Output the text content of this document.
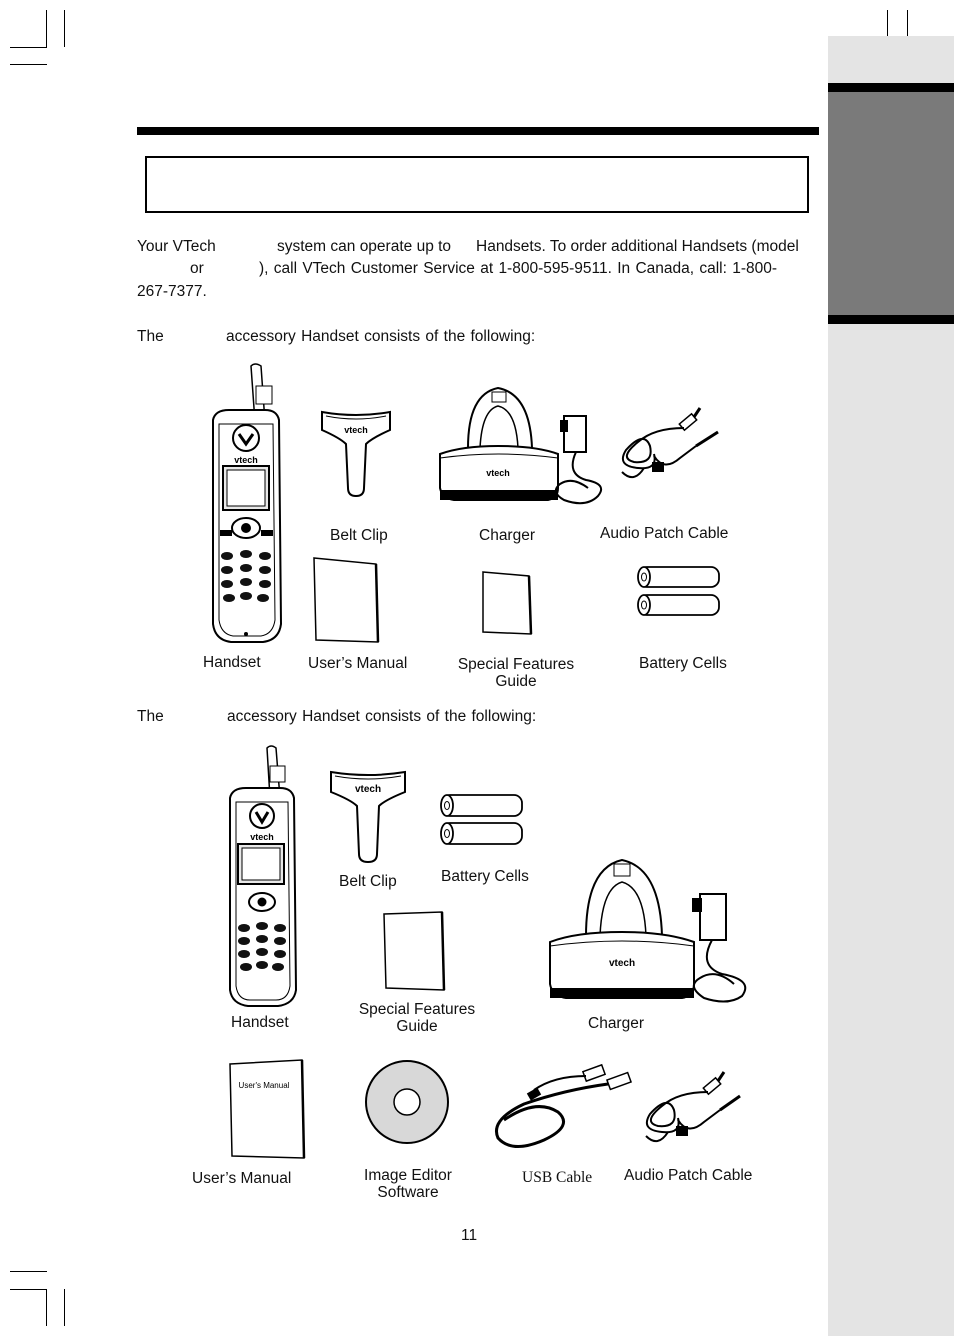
Your VTech	system can operate up to Handsets. To order additional Handsets (model
or	), call VTech Customer Service at 1-800-595-9511. In Canada, call: 1-800-
267-7377.
The	accessory Handset consists of the following:
vtech
vtech
vtech
Belt Clip	Charger	Audio Patch Cable
Handset	User’s Manual	Special Features Guide
Battery Cells
The	accessory Handset consists of the following:
vtech
vtech
vtech
User's Manual
Belt Clip	Battery Cells
Handset
Special Features Guide	Charger
User’s Manual	Image Editor Software
USB Cable Audio Patch Cable
11
